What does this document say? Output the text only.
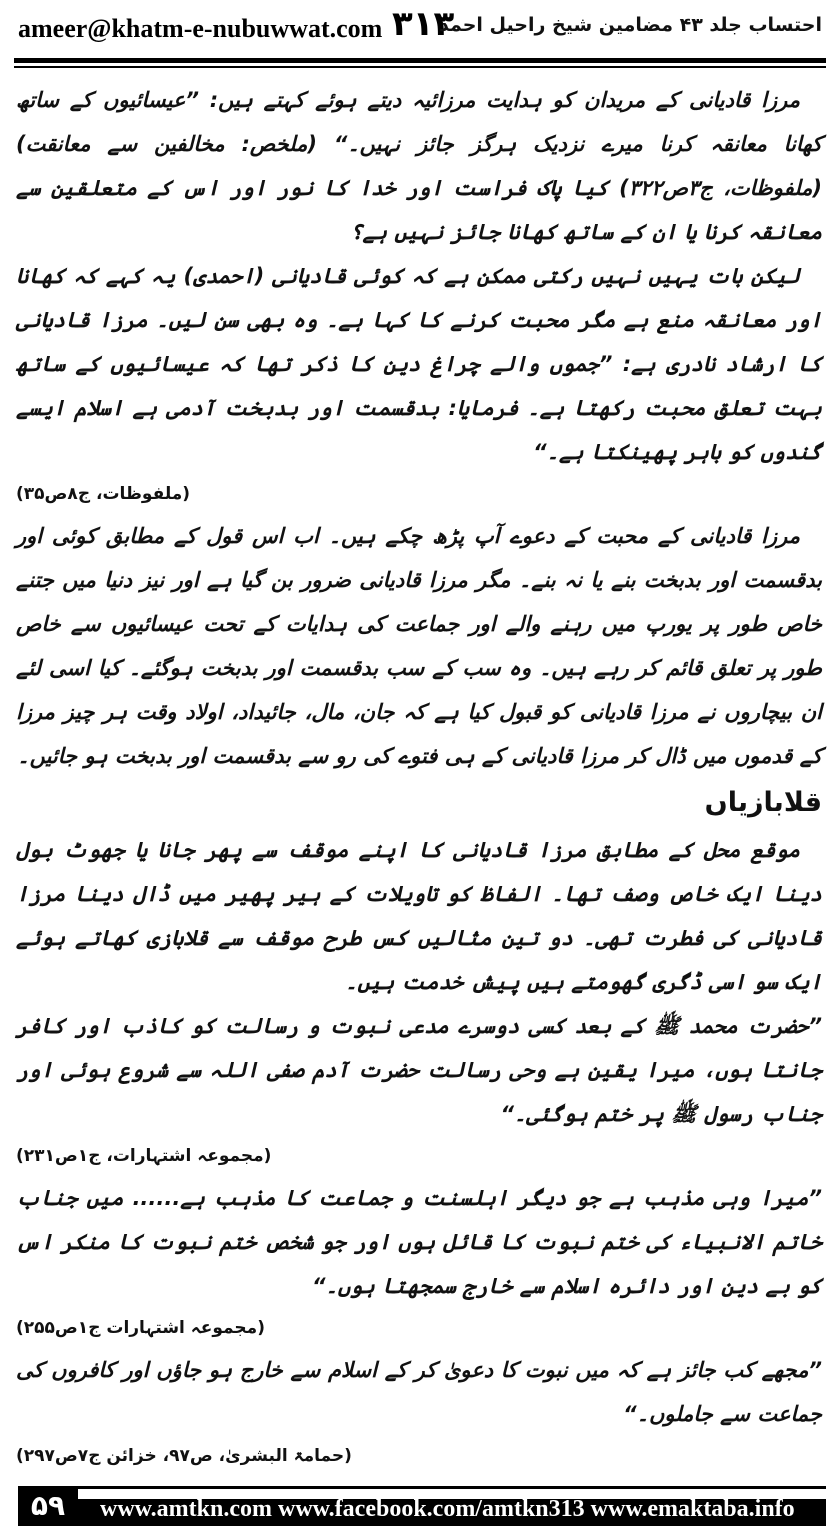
ameer@khatm-e-nubuwwat.com ۳۱۳
احتساب جلد ۴۳ مضامین شیخ راحیل احمد

مرزا قادیانی کے مریدان کو ہدایت مرزائیہ دیتے ہوئے کہتے ہیں: ”عیسائیوں کے ساتھ کھانا معانقہ کرنا میرے نزدیک ہرگز جائز نہیں۔“ (ملخص: مخالفین سے معانقت) (ملفوظات، ج۳ص۳۲۲) کیا پاک فراست اور خدا کا نور اور اس کے متعلقین سے معانقہ کرنا یا ان کے ساتھ کھانا جائز نہیں ہے؟

لیکن بات یہیں نہیں رکتی ممکن ہے کہ کوئی قادیانی (احمدی) یہ کہے کہ کھانا اور معانقہ منع ہے مگر محبت کرنے کا کہا ہے۔ وہ بھی سن لیں۔ مرزا قادیانی کا ارشاد نادری ہے: ”جموں والے چراغ دین کا ذکر تھا کہ عیسائیوں کے ساتھ بہت تعلق محبت رکھتا ہے۔ فرمایا: بدقسمت اور بدبخت آدمی ہے اسلام ایسے گندوں کو باہر پھینکتا ہے۔“

(ملفوظات، ج۸ص۳۵)

مرزا قادیانی کے محبت کے دعوے آپ پڑھ چکے ہیں۔ اب اس قول کے مطابق کوئی اور بدقسمت اور بدبخت بنے یا نہ بنے۔ مگر مرزا قادیانی ضرور بن گیا ہے اور نیز دنیا میں جتنے خاص طور پر یورپ میں رہنے والے اور جماعت کی ہدایات کے تحت عیسائیوں سے خاص طور پر تعلق قائم کر رہے ہیں۔ وہ سب کے سب بدقسمت اور بدبخت ہوگئے۔ کیا اسی لئے ان بیچاروں نے مرزا قادیانی کو قبول کیا ہے کہ جان، مال، جائیداد، اولاد وقت ہر چیز مرزا کے قدموں میں ڈال کر مرزا قادیانی کے ہی فتوے کی رو سے بدقسمت اور بدبخت ہو جائیں۔

قلابازیاں

موقع محل کے مطابق مرزا قادیانی کا اپنے موقف سے پھر جانا یا جھوٹ بول دینا ایک خاص وصف تھا۔ الفاظ کو تاویلات کے ہیر پھیر میں ڈال دینا مرزا قادیانی کی فطرت تھی۔ دو تین مثالیں کس طرح موقف سے قلابازی کھاتے ہوئے ایک سو اسی ڈگری گھومتے ہیں پیش خدمت ہیں۔

”حضرت محمد ﷺ کے بعد کسی دوسرے مدعی نبوت و رسالت کو کاذب اور کافر جانتا ہوں، میرا یقین ہے وحی رسالت حضرت آدم صفی اللہ سے شروع ہوئی اور جناب رسول ﷺ پر ختم ہوگئی۔“

(مجموعہ اشتہارات، ج۱ص۲۳۱)

”میرا وہی مذہب ہے جو دیگر اہلسنت و جماعت کا مذہب ہے...... میں جناب خاتم الانبیاء کی ختم نبوت کا قائل ہوں اور جو شخص ختم نبوت کا منکر اس کو بے دین اور دائرہ اسلام سے خارج سمجھتا ہوں۔“

(مجموعہ اشتہارات ج۱ص۲۵۵)

”مجھے کب جائز ہے کہ میں نبوت کا دعویٰ کر کے اسلام سے خارج ہو جاؤں اور کافروں کی جماعت سے جاملوں۔“

(حمامۃ البشریٰ، ص۹۷، خزائن ج۷ص۲۹۷)
۵۹	www.amtkn.com www.facebook.com/amtkn313 www.emaktaba.info
